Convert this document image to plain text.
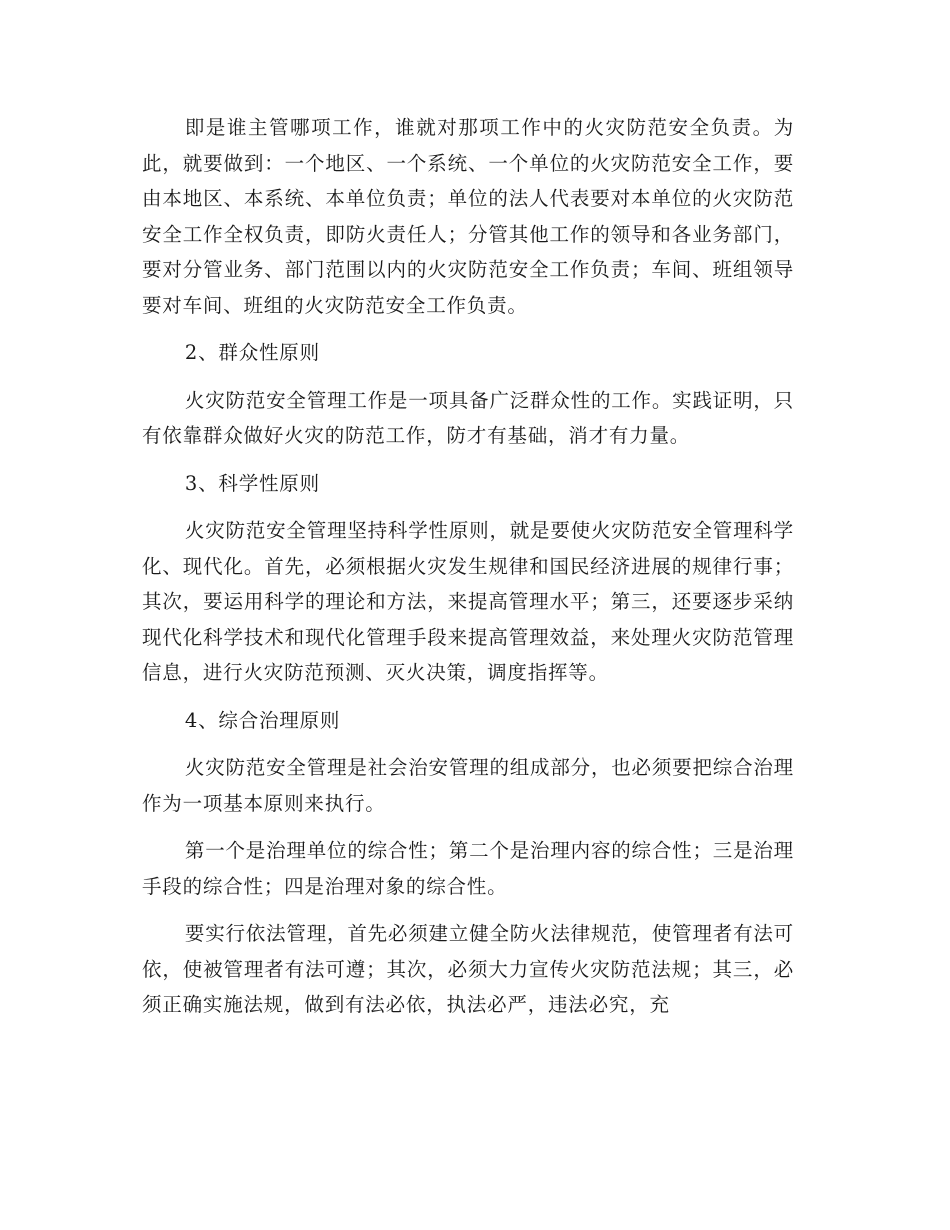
即是谁主管哪项工作，谁就对那项工作中的火灾防范安全负责。为此，就要做到：一个地区、一个系统、一个单位的火灾防范安全工作，要由本地区、本系统、本单位负责；单位的法人代表要对本单位的火灾防范安全工作全权负责，即防火责任人；分管其他工作的领导和各业务部门，要对分管业务、部门范围以内的火灾防范安全工作负责；车间、班组领导要对车间、班组的火灾防范安全工作负责。

2、群众性原则

火灾防范安全管理工作是一项具备广泛群众性的工作。实践证明，只有依靠群众做好火灾的防范工作，防才有基础，消才有力量。

3、科学性原则

火灾防范安全管理坚持科学性原则，就是要使火灾防范安全管理科学化、现代化。首先，必须根据火灾发生规律和国民经济进展的规律行事；其次，要运用科学的理论和方法，来提高管理水平；第三，还要逐步采纳现代化科学技术和现代化管理手段来提高管理效益，来处理火灾防范管理信息，进行火灾防范预测、灭火决策，调度指挥等。

4、综合治理原则

火灾防范安全管理是社会治安管理的组成部分，也必须要把综合治理作为一项基本原则来执行。

第一个是治理单位的综合性；第二个是治理内容的综合性；三是治理手段的综合性；四是治理对象的综合性。

要实行依法管理，首先必须建立健全防火法律规范，使管理者有法可依，使被管理者有法可遵；其次，必须大力宣传火灾防范法规；其三，必须正确实施法规，做到有法必依，执法必严，违法必究，充
